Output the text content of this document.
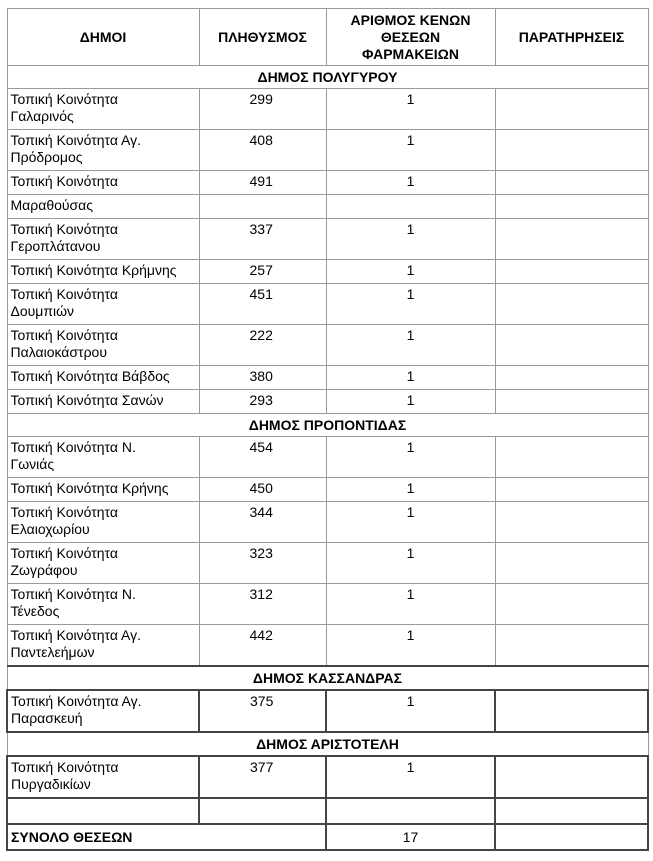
ΔΗΜΟΙ	ΠΛΗΘΥΣΜΟΣ	ΑΡΙΘΜΟΣ ΚΕΝΩΝ
ΘΕΣΕΩΝ
ΦΑΡΜΑΚΕΙΩΝ	ΠΑΡΑΤΗΡΗΣΕΙΣ
ΔΗΜΟΣ ΠΟΛΥΓΥΡΟΥ			

Τοπική Κοινότητα
Γαλαρινός	299	1	

Τοπική Κοινότητα Αγ.
Πρόδρομος	408	1	

Τοπική Κοινότητα	491	1	

Μαραθούσας			

Τοπική Κοινότητα
Γεροπλάτανου	337	1	

Τοπική Κοινότητα Κρήμνης	257	1	

Τοπική Κοινότητα
Δουμπιών	451	1	

Τοπική Κοινότητα
Παλαιοκάστρου	222	1	

Τοπική Κοινότητα Βάβδος	380	1	

Τοπική Κοινότητα Σανών	293	1	
ΔΗΜΟΣ ΠΡΟΠΟΝΤΙΔΑΣ			

Τοπική Κοινότητα Ν.
Γωνιάς	454	1	

Τοπική Κοινότητα Κρήνης	450	1	

Τοπική Κοινότητα
Ελαιοχωρίου	344	1	

Τοπική Κοινότητα
Ζωγράφου	323	1	

Τοπική Κοινότητα Ν.
Τένεδος	312	1	

Τοπική Κοινότητα Αγ.
Παντελεήμων	442	1	
ΔΗΜΟΣ ΚΑΣΣΑΝΔΡΑΣ			

Τοπική Κοινότητα Αγ.
Παρασκευή	375	1	
ΔΗΜΟΣ ΑΡΙΣΤΟΤΕΛΗ			

Τοπική Κοινότητα
Πυργαδικίων	377	1	

ΣΥΝΟΛΟ ΘΕΣΕΩΝ		17	
